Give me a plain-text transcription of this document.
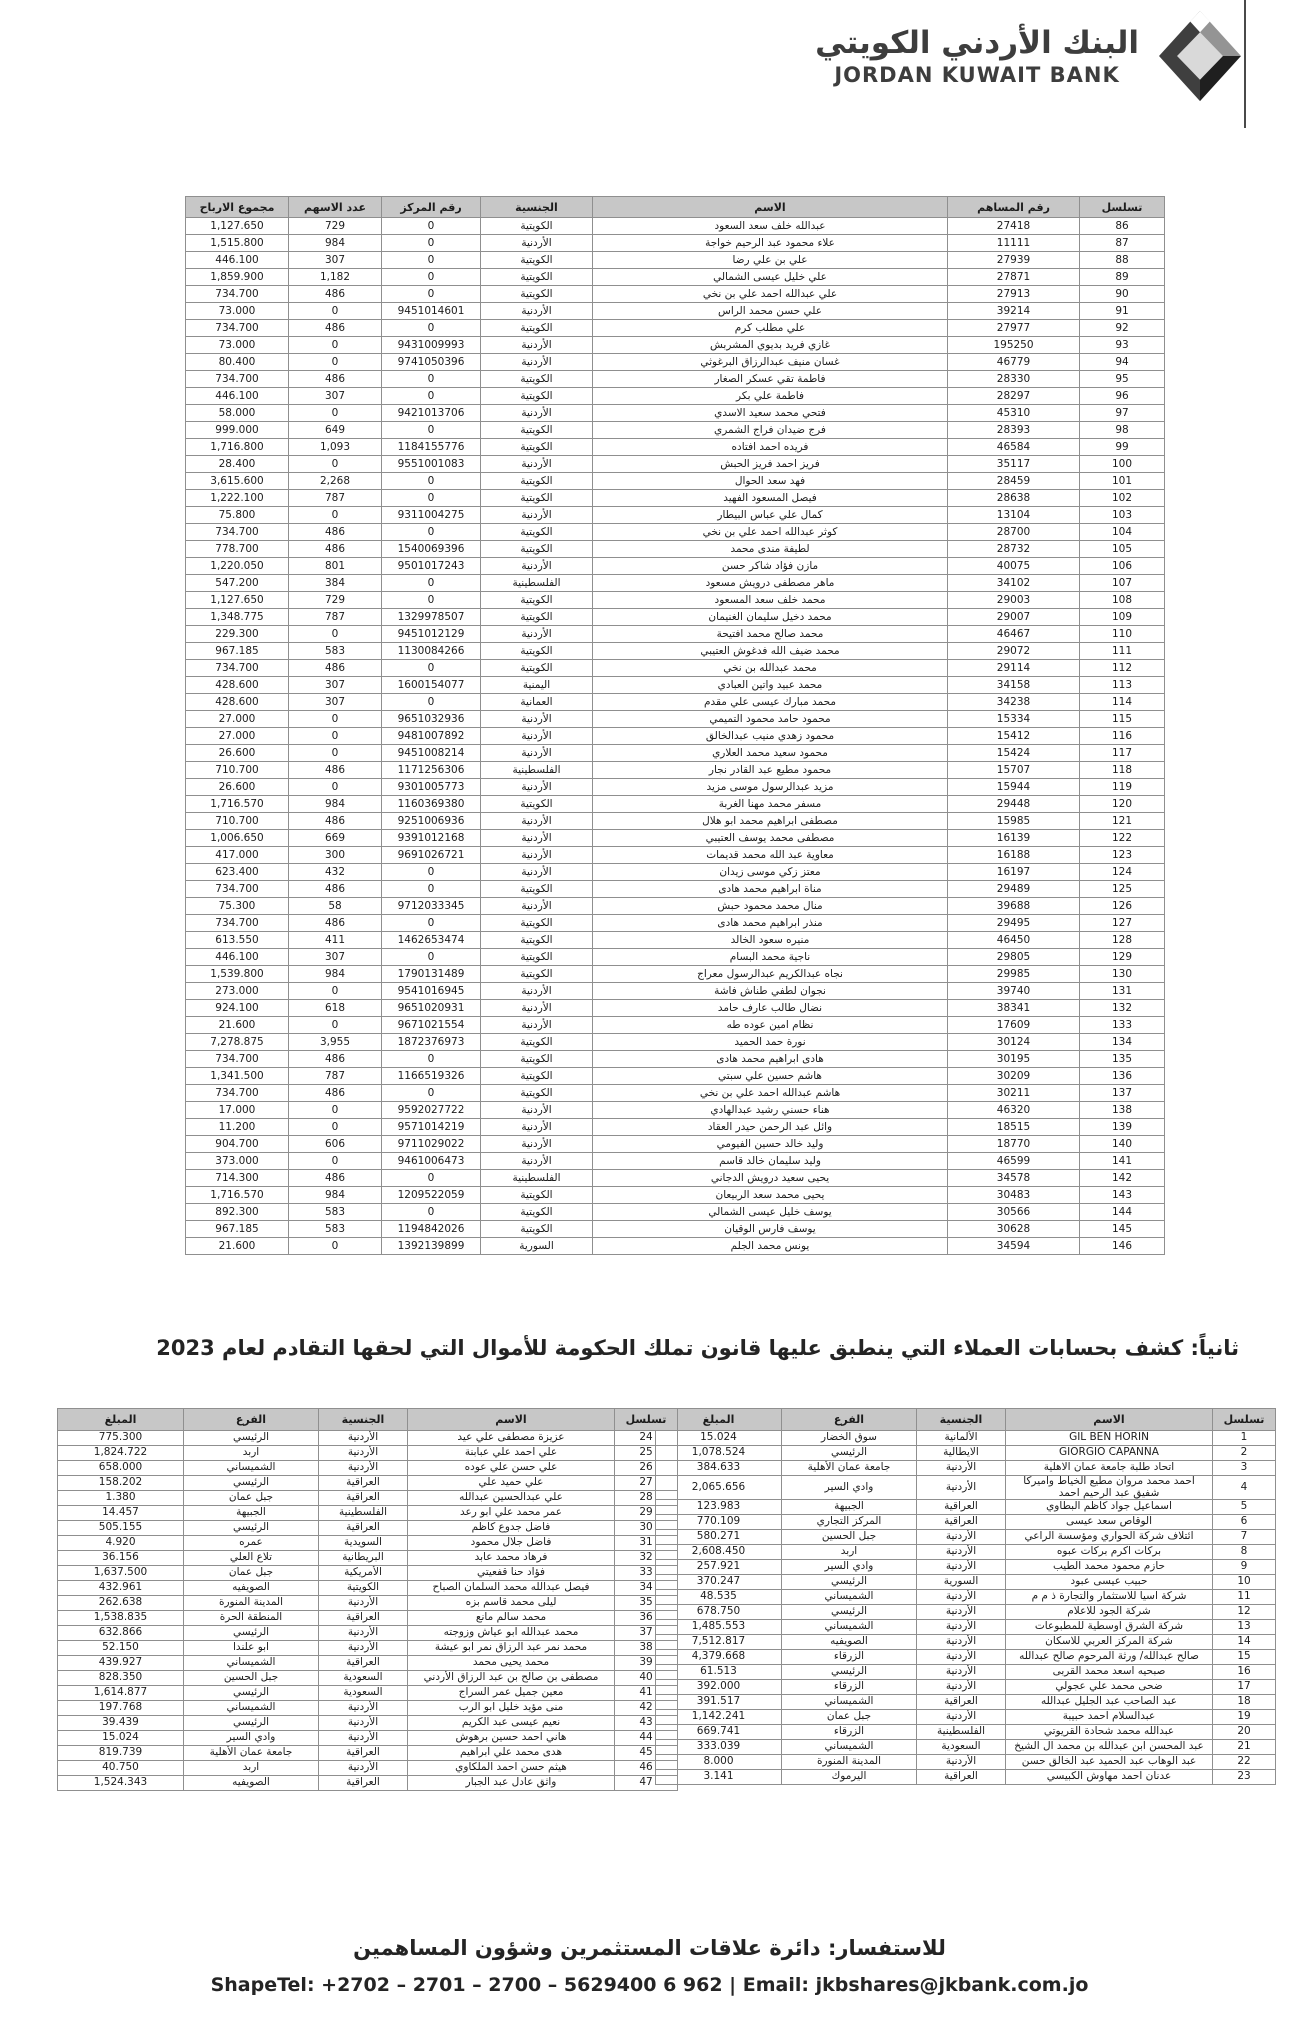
البنك الأردني الكويتي
JORDAN KUWAIT BANK
تسلسل	رقم المساهم	الاسم	الجنسية	رقم المركز	عدد الاسهم	مجموع الارباح
86	27418	عبدالله خلف سعد السعود	الكويتية	0	729	1,127.650
87	11111	علاء محمود عبد الرحيم خواجة	الأردنية	0	984	1,515.800
88	27939	علي بن علي رضا	الكويتية	0	307	446.100
89	27871	علي خليل عيسى الشمالي	الكويتية	0	1,182	1,859.900
90	27913	علي عبدالله احمد علي بن نخي	الكويتية	0	486	734.700
91	39214	علي حسن محمد الراس	الأردنية	9451014601	0	73.000
92	27977	علي مطلب كرم	الكويتية	0	486	734.700
93	195250	غازي فريد بديوي المشربش	الأردنية	9431009993	0	73.000
94	46779	غسان منيف عبدالرزاق البرغوثي	الأردنية	9741050396	0	80.400
95	28330	فاطمة تقي عسكر الصغار	الكويتية	0	486	734.700
96	28297	فاطمة علي بكر	الكويتية	0	307	446.100
97	45310	فتحي محمد سعيد الاسدي	الأردنية	9421013706	0	58.000
98	28393	فرج ضيدان فراج الشمري	الكويتية	0	649	999.000
99	46584	فريده احمد افتاده	الكويتية	1184155776	1,093	1,716.800
100	35117	فريز احمد فريز الحبش	الأردنية	9551001083	0	28.400
101	28459	فهد سعد الحوال	الكويتية	0	2,268	3,615.600
102	28638	فيصل المسعود الفهيد	الكويتية	0	787	1,222.100
103	13104	كمال علي عباس البيطار	الأردنية	9311004275	0	75.800
104	28700	كوثر عبدالله احمد علي بن نخي	الكويتية	0	486	734.700
105	28732	لطيفة مندى محمد	الكويتية	1540069396	486	778.700
106	40075	مازن فؤاد شاكر حسن	الأردنية	9501017243	801	1,220.050
107	34102	ماهر مصطفى درويش مسعود	الفلسطينية	0	384	547.200
108	29003	محمد خلف سعد المسعود	الكويتية	0	729	1,127.650
109	29007	محمد دخيل سليمان الغنيمان	الكويتية	1329978507	787	1,348.775
110	46467	محمد صالح محمد افتيحة	الأردنية	9451012129	0	229.300
111	29072	محمد ضيف الله فدغوش العتيبي	الكويتية	1130084266	583	967.185
112	29114	محمد عبدالله بن نخي	الكويتية	0	486	734.700
113	34158	محمد عبيد واتين العبادي	اليمنية	1600154077	307	428.600
114	34238	محمد مبارك عيسى علي مقدم	العمانية	0	307	428.600
115	15334	محمود حامد محمود التميمي	الأردنية	9651032936	0	27.000
116	15412	محمود زهدي منيب عبدالخالق	الأردنية	9481007892	0	27.000
117	15424	محمود سعيد محمد العلاري	الأردنية	9451008214	0	26.600
118	15707	محمود مطيع عبد القادر نجار	الفلسطينية	1171256306	486	710.700
119	15944	مزيد عبدالرسول موسى مزيد	الأردنية	9301005773	0	26.600
120	29448	مسفر محمد مهنا الغربة	الكويتية	1160369380	984	1,716.570
121	15985	مصطفى ابراهيم محمد ابو هلال	الأردنية	9251006936	486	710.700
122	16139	مصطفى محمد يوسف العتيبي	الأردنية	9391012168	669	1,006.650
123	16188	معاوية عبد الله محمد قديمات	الأردنية	9691026721	300	417.000
124	16197	معتز زكي موسى زيدان	الأردنية	0	432	623.400
125	29489	مناة ابراهيم محمد هادى	الكويتية	0	486	734.700
126	39688	منال محمد محمود حبش	الأردنية	9712033345	58	75.300
127	29495	منذر ابراهيم محمد هادى	الكويتية	0	486	734.700
128	46450	منيره سعود الخالد	الكويتية	1462653474	411	613.550
129	29805	ناجية محمد البسام	الكويتية	0	307	446.100
130	29985	نجاه عبدالكريم عبدالرسول معراج	الكويتية	1790131489	984	1,539.800
131	39740	نجوان لطفي طناش فاشة	الأردنية	9541016945	0	273.000
132	38341	نضال طالب عارف حامد	الأردنية	9651020931	618	924.100
133	17609	نظام امين عوده طه	الأردنية	9671021554	0	21.600
134	30124	نورة حمد الحميد	الكويتية	1872376973	3,955	7,278.875
135	30195	هادى ابراهيم محمد هادى	الكويتية	0	486	734.700
136	30209	هاشم حسين علي سبتي	الكويتية	1166519326	787	1,341.500
137	30211	هاشم عبدالله احمد علي بن نخي	الكويتية	0	486	734.700
138	46320	هناء حسني رشيد عبدالهادي	الأردنية	9592027722	0	17.000
139	18515	وائل عبد الرحمن حيدر العقاد	الأردنية	9571014219	0	11.200
140	18770	وليد خالد حسين الفيومي	الأردنية	9711029022	606	904.700
141	46599	وليد سليمان خالد قاسم	الأردنية	9461006473	0	373.000
142	34578	يحيى سعيد درويش الدجاني	الفلسطينية	0	486	714.300
143	30483	يحيى محمد سعد الربيعان	الكويتية	1209522059	984	1,716.570
144	30566	يوسف خليل عيسى الشمالي	الكويتية	0	583	892.300
145	30628	يوسف فارس الوقيان	الكويتية	1194842026	583	967.185
146	34594	يونس محمد الجلم	السورية	1392139899	0	21.600
ثانياً: كشف بحسابات العملاء التي ينطبق عليها قانون تملك الحكومة للأموال التي لحقها التقادم لعام 2023
تسلسل	الاسم	الجنسية	الفرع	المبلغ
1	GIL BEN HORIN	الألمانية	سوق الخضار	15.024
2	GIORGIO CAPANNA	الايطالية	الرئيسي	1,078.524
3	اتحاد طلبة جامعة عمان الاهلية	الأردنية	جامعة عمان الأهلية	384.633
4	احمد محمد مروان مطيع الخياط واميركا
شفيق عبد الرحيم احمد	الأردنية	وادي السير	2,065.656
5	اسماعيل جواد كاظم البطاوي	العراقية	الجبيهة	123.983
6	الوقاص سعد عيسى	العراقية	المركز التجاري	770.109
7	ائتلاف شركة الحواري ومؤسسة الراعي	الأردنية	جبل الحسين	580.271
8	بركات اكرم بركات عبوه	الأردنية	اربد	2,608.450
9	حازم محمود محمد الطيب	الأردنية	وادي السير	257.921
10	حبيب عيسى عبود	السورية	الرئيسي	370.247
11	شركة اسيا للاستثمار والتجارة ذ م م	الأردنية	الشميساني	48.535
12	شركة الجود للاعلام	الأردنية	الرئيسي	678.750
13	شركة الشرق اوسطية للمطبوعات	الأردنية	الشميساني	1,485.553
14	شركة المركز العربي للاسكان	الأردنية	الصويفيه	7,512.817
15	صالح عبدالله/ ورثة المرحوم صالح عبدالله	الأردنية	الزرقاء	4,379.668
16	صبحيه اسعد محمد القربى	الأردنية	الرئيسي	61.513
17	ضحى محمد علي عجولي	الأردنية	الزرقاء	392.000
18	عبد الصاحب عبد الجليل عبدالله	العراقية	الشميساني	391.517
19	عبدالسلام احمد حبيبة	الأردنية	جبل عمان	1,142.241
20	عبدالله محمد شحادة القريوتي	الفلسطينية	الزرقاء	669.741
21	عبد المحسن ابن عبدالله بن محمد ال الشيخ	السعودية	الشميساني	333.039
22	عبد الوهاب عبد الحميد عبد الخالق حسن	الأردنية	المدينة المنورة	8.000
23	عدنان احمد مهاوش الكبيسي	العراقية	اليرموك	3.141
تسلسل	الاسم	الجنسية	الفرع	المبلغ
24	عزيزة مصطفى علي عيد	الأردنية	الرئيسي	775.300
25	علي احمد علي عبابنة	الأردنية	اربد	1,824.722
26	علي حسن علي عوده	الأردنية	الشميساني	658.000
27	علي حميد علي	العراقية	الرئيسي	158.202
28	علي عبدالحسين عبدالله	العراقية	جبل عمان	1.380
29	عمر محمد علي ابو رعد	الفلسطينية	الجبيهة	14.457
30	فاضل جدوع كاظم	العراقية	الرئيسي	505.155
31	فاضل جلال محمود	السويدية	عمره	4.920
32	فرهاد محمد عابد	البريطانية	تلاع العلي	36.156
33	فؤاد حنا قفعيتي	الأمريكية	جبل عمان	1,637.500
34	فيصل عبدالله محمد السلمان الصباح	الكويتية	الصويفيه	432.961
35	ليلى محمد قاسم بزه	الأردنية	المدينة المنورة	262.638
36	محمد سالم مانع	العراقية	المنطقة الحرة	1,538.835
37	محمد عبدالله ابو عياش وزوجته	الأردنية	الرئيسي	632.866
38	محمد نمر عبد الرزاق نمر ابو عيشة	الأردنية	ابو علندا	52.150
39	محمد يحيى محمد	العراقية	الشميساني	439.927
40	مصطفى بن صالح بن عبد الرزاق الأردني	السعودية	جبل الحسين	828.350
41	معين جميل عمر السراج	السعودية	الرئيسي	1,614.877
42	منى مؤيد خليل ابو الرب	الأردنية	الشميساني	197.768
43	نعيم عيسى عبد الكريم	الأردنية	الرئيسي	39.439
44	هاني احمد حسين برهوش	الأردنية	وادي السير	15.024
45	هدى محمد علي ابراهيم	العراقية	جامعة عمان الأهلية	819.739
46	هيثم حسن احمد الملكاوي	الأردنية	اربد	40.750
47	واثق عادل عبد الجبار	العراقية	الصويفيه	1,524.343
للاستفسار: دائرة علاقات المستثمرين وشؤون المساهمين
ShapeTel: +2702 – 2701 – 2700 – 5629400 6 962 | Email: jkbshares@jkbank.com.jo
